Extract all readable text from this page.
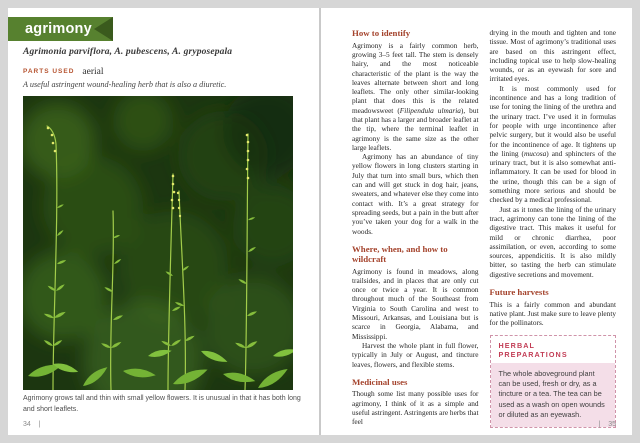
agrimony
Agrimonia parviflora, A. pubescens, A. gryposepala
PARTS USED aerial
A useful astringent wound-healing herb that is also a diuretic.
Agrimony grows tall and thin with small yellow flowers. It is unusual in that it has both long and short leaflets.
34 |
How to identify

Agrimony is a fairly common herb, growing 3–5 feet tall. The stem is densely hairy, and the most noticeable characteristic of the plant is the way the leaves alternate between short and long leaflets. The only other similar-looking plant that does this is the related meadowsweet (Filipendula ulmaria), but that plant has a larger and broader leaflet at the tip, where the terminal leaflet in agrimony is the same size as the other large leaflets.

Agrimony has an abundance of tiny yellow flowers in long clusters starting in July that turn into small burs, which then can and will get stuck in dog hair, jeans, sweaters, and whatever else they come into contact with. It’s a great strategy for spreading seeds, but a pain in the butt after you’ve taken your dog for a walk in the woods.

Where, when, and how to wildcraft

Agrimony is found in meadows, along trailsides, and in places that are only cut once or twice a year. It is common throughout much of the Southeast from Virginia to South Carolina and west to Missouri, Arkansas, and Louisiana but is scarce in Georgia, Alabama, and Mississippi.

Harvest the whole plant in full flower, typically in July or August, and tincture leaves, flowers, and flexible stems.

Medicinal uses

Though some list many possible uses for agrimony, I think of it as a simple and useful astringent. Astringents are herbs that feel

drying in the mouth and tighten and tone tissue. Most of agrimony’s traditional uses are based on this astringent effect, including topical use to help slow-healing wounds, or as an eyewash for sore and irritated eyes.

It is most commonly used for incontinence and has a long tradition of use for toning the lining of the urethra and the urinary tract. I’ve used it in formulas for people with urge incontinence after pelvic surgery, but it would also be useful for the incontinence of age. It tightens up the lining (mucosa) and sphincters of the urinary tract, but it is also somewhat anti-inflammatory. It can be used for blood in the urine, though this can be a sign of something more serious and should be checked by a medical professional.

Just as it tones the lining of the urinary tract, agrimony can tone the lining of the digestive tract. This makes it useful for mild or chronic diarrhea, poor assimilation, or even, according to some sources, appendicitis. It is also mildly bitter, so tasting the herb can stimulate digestive secretions and movement.

Future harvests

This is a fairly common and abundant native plant. Just make sure to leave plenty for the pollinators.

HERBAL PREPARATIONS
The whole aboveground plant can be used, fresh or dry, as a tincture or a tea. The tea can be used as a wash on open wounds or diluted as an eyewash.
| 35
